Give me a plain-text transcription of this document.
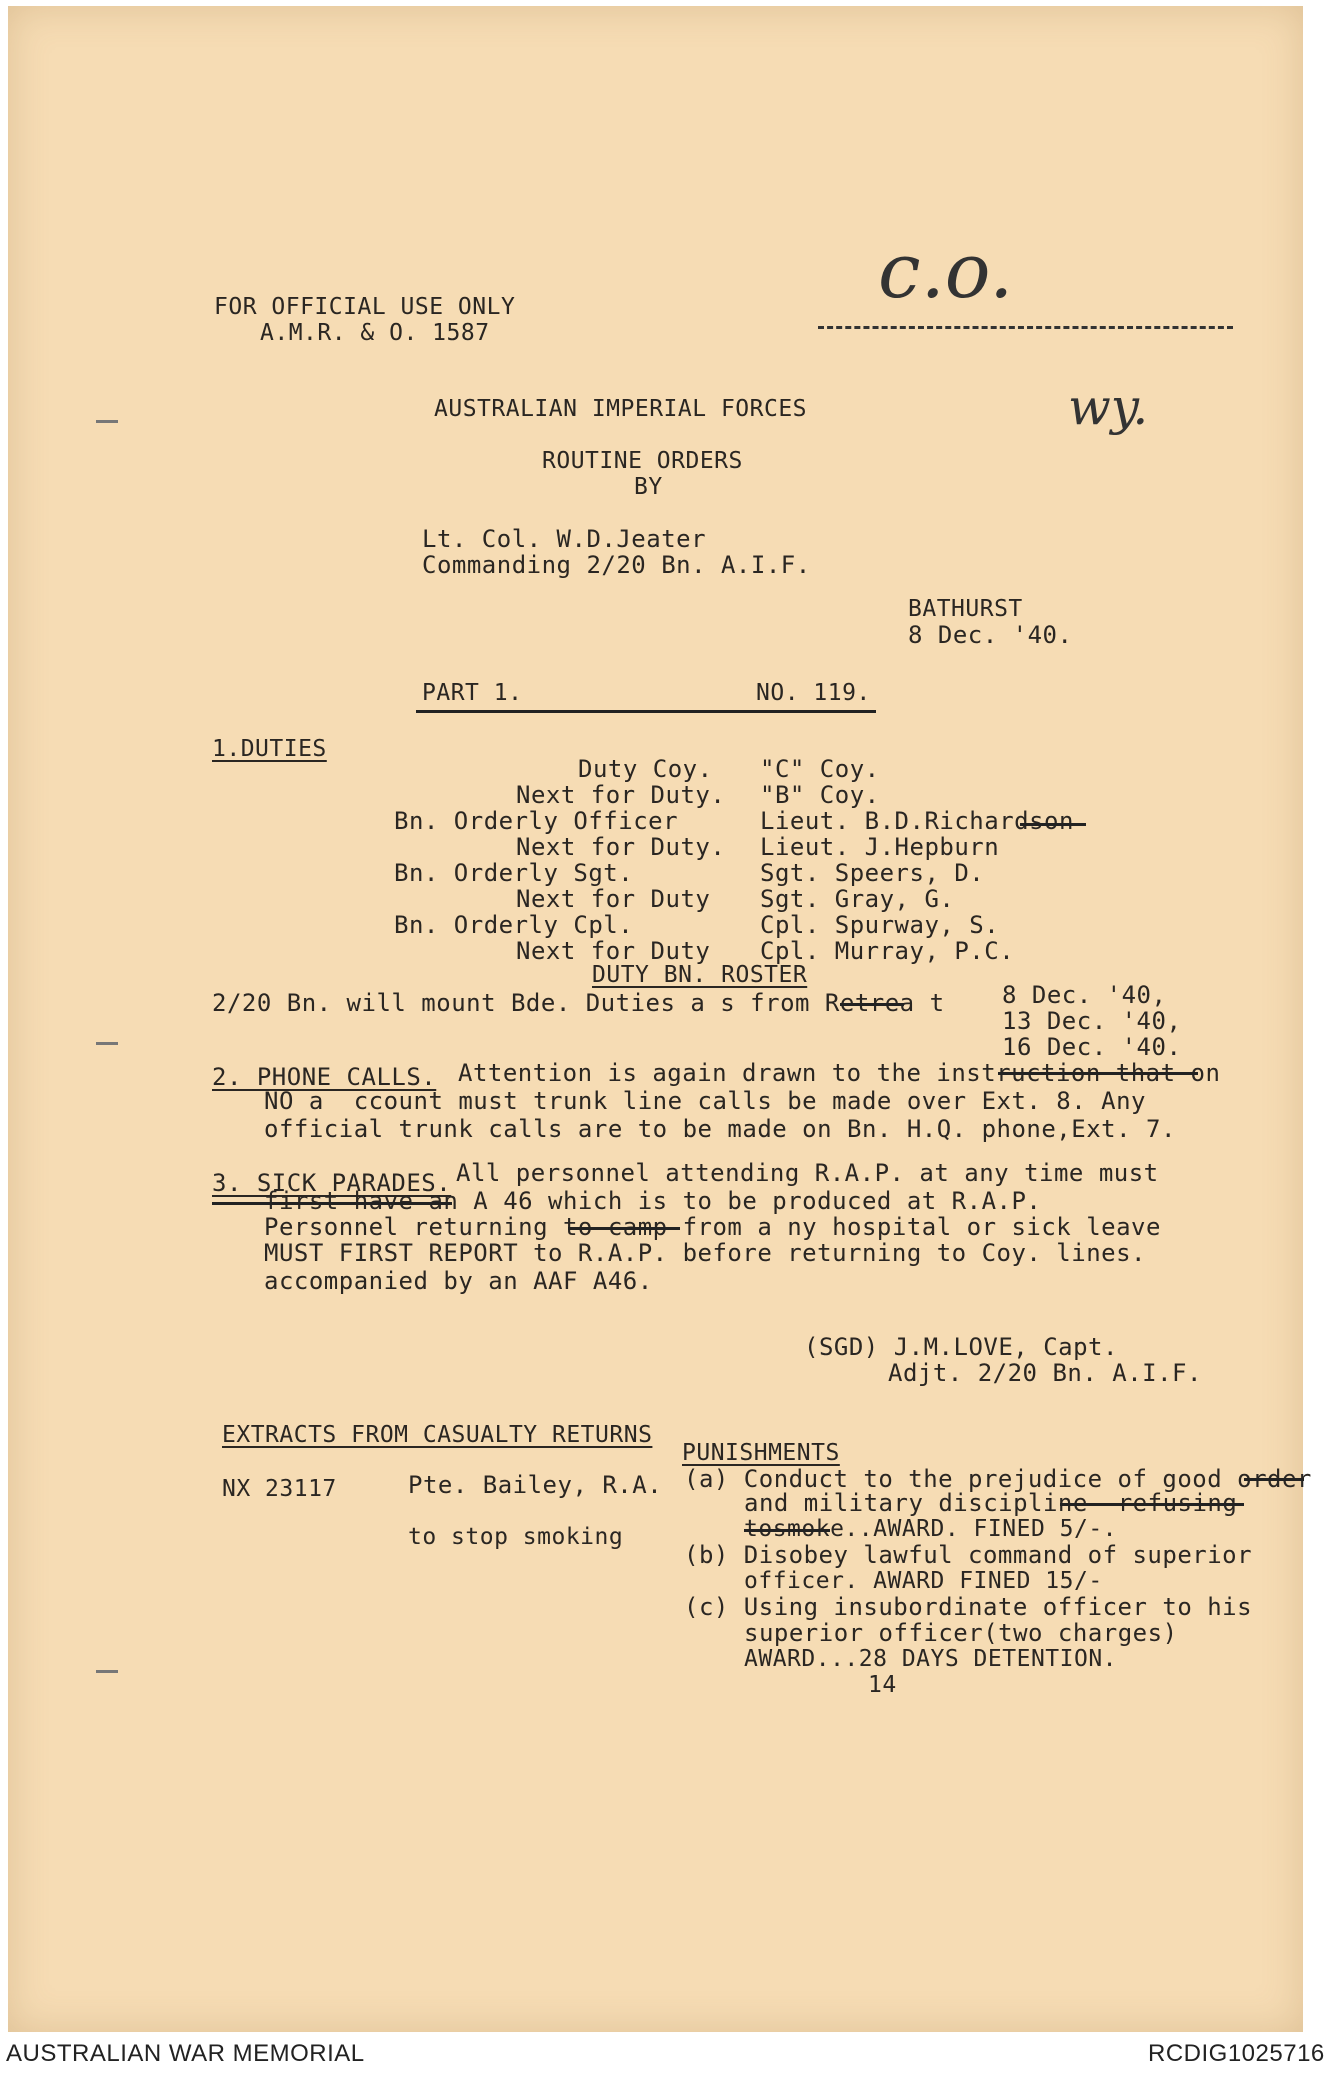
FOR OFFICIAL USE ONLY
A.M.R. & O. 1587
c.o.
wy.
AUSTRALIAN IMPERIAL FORCES
ROUTINE ORDERS
BY
Lt. Col. W.D.Jeater
Commanding 2/20 Bn. A.I.F.
BATHURST
8 Dec. '40.
PART 1.	NO. 119.
1.DUTIES
Duty Coy. "C" Coy.
Next for Duty. "B" Coy.
Bn. Orderly Officer	Lieut. B.D.Richardson
Next for Duty. Lieut. J.Hepburn
Bn. Orderly Sgt.	Sgt. Speers, D.
Next for Duty Sgt. Gray, G.
Bn. Orderly Cpl.	Cpl. Spurway, S.
Next for Duty Cpl. Murray, P.C.
DUTY BN. ROSTER
2/20 Bn. will mount Bde. Duties a s from Retrea t 8 Dec. '40,
13 Dec. '40,
16 Dec. '40.
2. PHONE CALLS. Attention is again drawn to the instruction that on
NO a  ccount must trunk line calls be made over Ext. 8. Any
official trunk calls are to be made on Bn. H.Q. phone,Ext. 7.
3. SICK PARADES. All personnel attending R.A.P. at any time must
first have an A 46 which is to be produced at R.A.P.
Personnel returning to camp from a ny hospital or sick leave
MUST FIRST REPORT to R.A.P. before returning to Coy. lines.
accompanied by an AAF A46.
(SGD) J.M.LOVE, Capt.
Adjt. 2/20 Bn. A.I.F.
EXTRACTS FROM CASUALTY RETURNS
PUNISHMENTS
NX 23117	Pte. Bailey, R.A.
to stop smoking
(a) Conduct to the prejudice of good order
and military discipline--refusing
tosmoke..AWARD. FINED 5/-.
(b) Disobey lawful command of superior
officer. AWARD FINED 15/-
(c) Using insubordinate officer to his
superior officer(two charges)
AWARD...28 DAYS DETENTION.
14
AUSTRALIAN WAR MEMORIAL	RCDIG1025716
